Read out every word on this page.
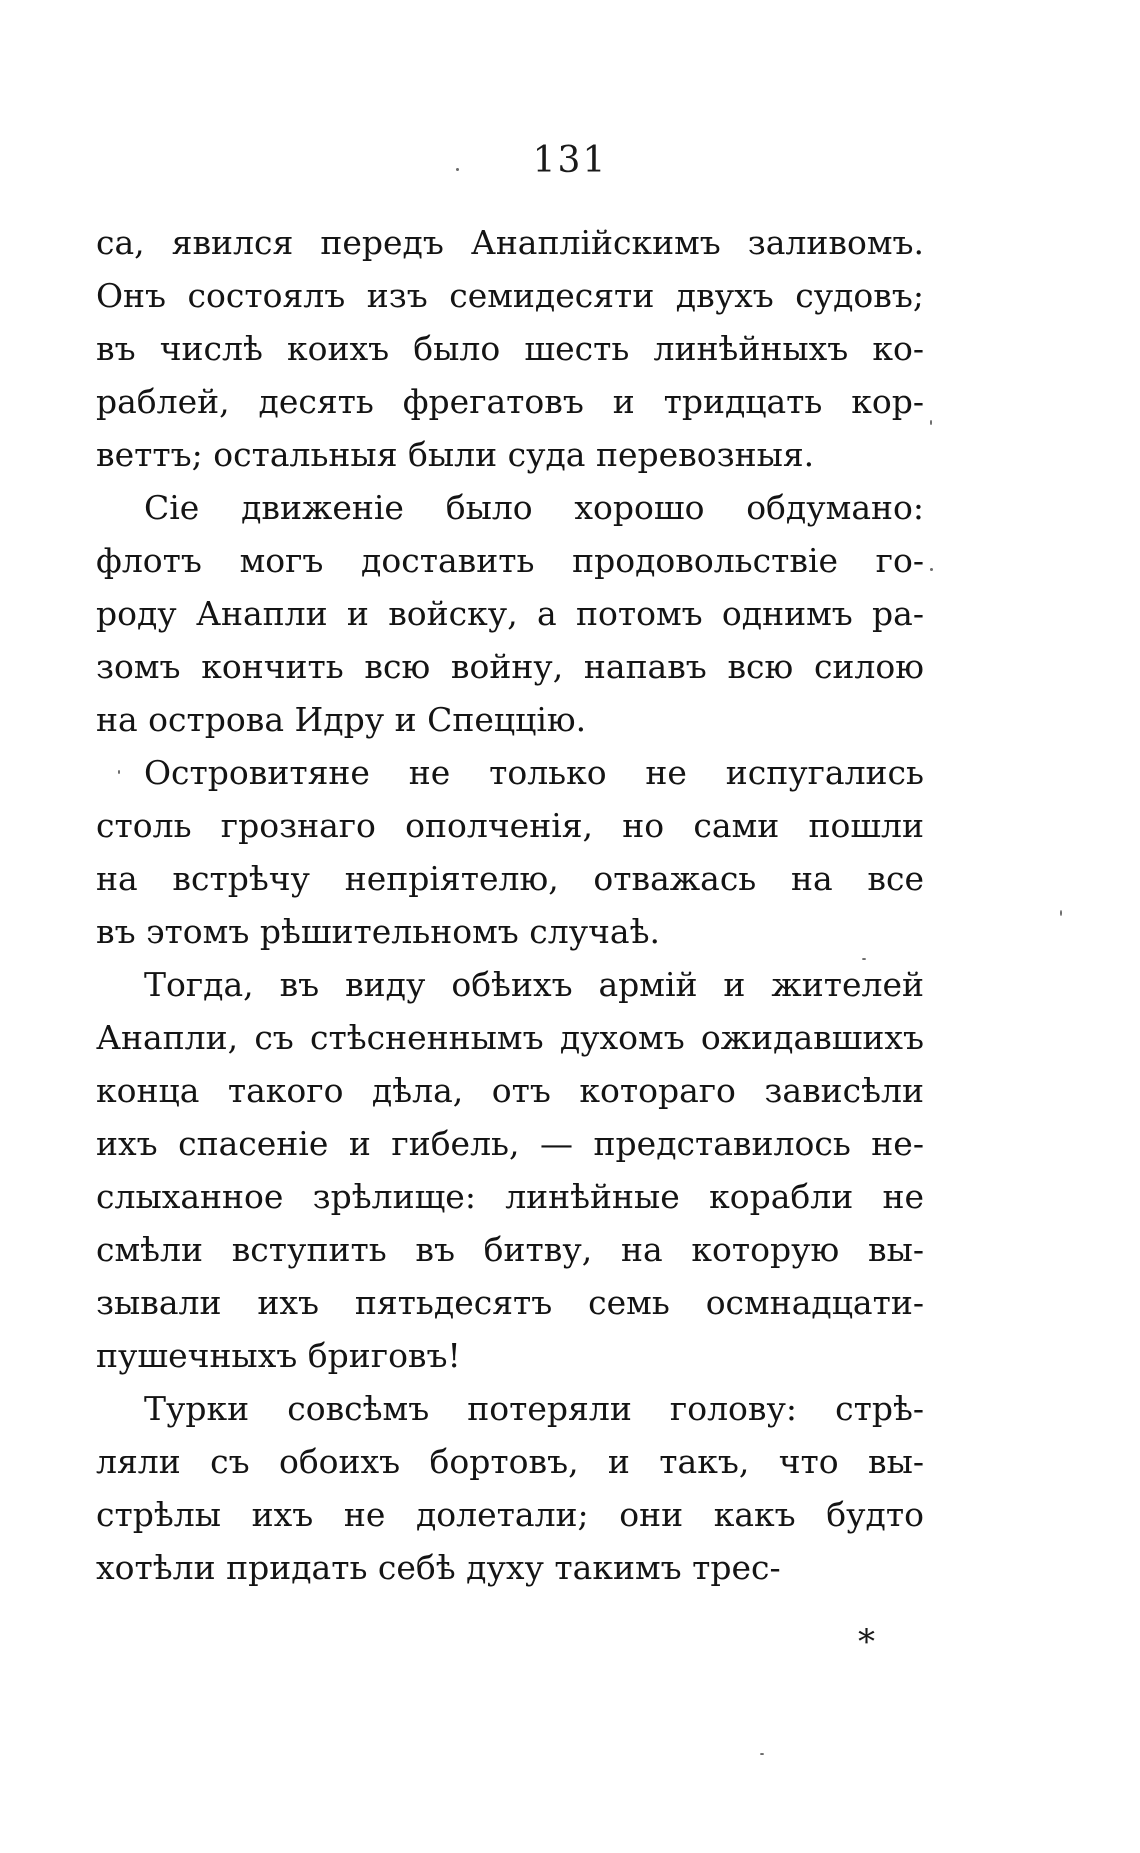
131
са, явился передъ Анаплійскимъ заливомъ.
Онъ состоялъ изъ семидесяти двухъ судовъ;
въ числѣ коихъ было шесть линѣйныхъ ко-
раблей, десять фрегатовъ и тридцать кор-
веттъ; остальныя были суда перевозныя.
Сіе движеніе было хорошо обдумано:
флотъ могъ доставить продовольствіе го-
роду Анапли и войску, а потомъ однимъ ра-
зомъ кончить всю войну, напавъ всю силою
на острова Идру и Спеццію.
Островитяне не только не испугались
столь грознаго ополченія, но сами пошли
на встрѣчу непріятелю, отважась на все
въ этомъ рѣшительномъ случаѣ.
Тогда, въ виду обѣихъ армій и жителей
Анапли, съ стѣсненнымъ духомъ ожидавшихъ
конца такого дѣла, отъ котораго зависѣли
ихъ спасеніе и гибель, — представилось не-
слыханное зрѣлище: линѣйные корабли не
смѣли вступить въ битву, на которую вы-
зывали ихъ пятьдесятъ семь осмнадцати-
пушечныхъ бриговъ!
Турки совсѣмъ потеряли голову: стрѣ-
ляли съ обоихъ бортовъ, и такъ, что вы-
стрѣлы ихъ не долетали; они какъ будто
хотѣли придать себѣ духу такимъ трес-
*
